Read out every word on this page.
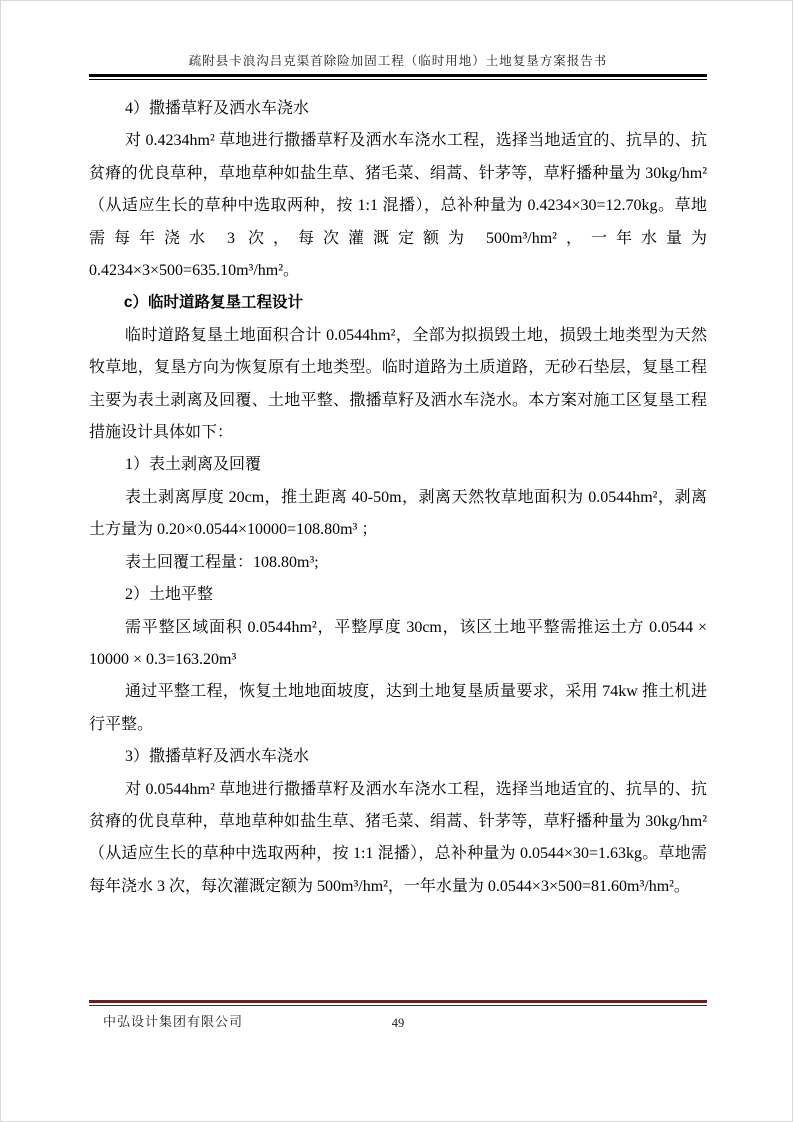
疏附县卡浪沟吕克渠首除险加固工程（临时用地）土地复垦方案报告书

4）撒播草籽及洒水车浇水

对 0.4234hm² 草地进行撒播草籽及洒水车浇水工程，选择当地适宜的、抗旱的、抗贫瘠的优良草种，草地草种如盐生草、猪毛菜、绢蒿、针茅等，草籽播种量为 30kg/hm²（从适应生长的草种中选取两种，按 1:1 混播），总补种量为 0.4234×30=12.70kg。草地需每年浇水 3 次，每次灌溉定额为 500m³/hm²，一年水量为 0.4234×3×500=635.10m³/hm²。

c）临时道路复垦工程设计

临时道路复垦土地面积合计 0.0544hm²，全部为拟损毁土地，损毁土地类型为天然牧草地，复垦方向为恢复原有土地类型。临时道路为土质道路，无砂石垫层，复垦工程主要为表土剥离及回覆、土地平整、撒播草籽及洒水车浇水。本方案对施工区复垦工程措施设计具体如下：

1）表土剥离及回覆

表土剥离厚度 20cm，推土距离 40-50m，剥离天然牧草地面积为 0.0544hm²，剥离土方量为 0.20×0.0544×10000=108.80m³ ；

表土回覆工程量：108.80m³;

2）土地平整

需平整区域面积 0.0544hm²，平整厚度 30cm，该区土地平整需推运土方 0.0544 × 10000 × 0.3=163.20m³

通过平整工程，恢复土地地面坡度，达到土地复垦质量要求，采用 74kw 推土机进行平整。

3）撒播草籽及洒水车浇水

对 0.0544hm² 草地进行撒播草籽及洒水车浇水工程，选择当地适宜的、抗旱的、抗贫瘠的优良草种，草地草种如盐生草、猪毛菜、绢蒿、针茅等，草籽播种量为 30kg/hm²（从适应生长的草种中选取两种，按 1:1 混播），总补种量为 0.0544×30=1.63kg。草地需每年浇水 3 次，每次灌溉定额为 500m³/hm²，一年水量为 0.0544×3×500=81.60m³/hm²。

中弘设计集团有限公司	49
